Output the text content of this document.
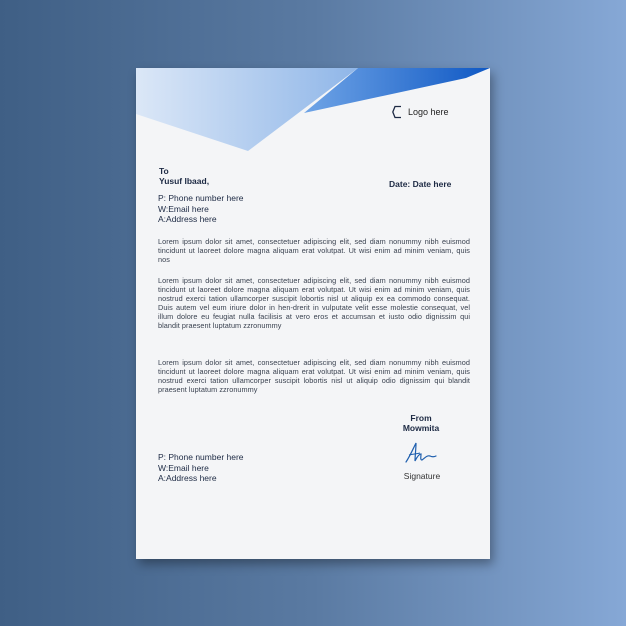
Logo here
To
Yusuf Ibaad,	Date: Date here
P: Phone number here
W:Email here
A:Address here
Lorem ipsum dolor sit amet, consectetuer adipiscing elit, sed diam nonummy nibh euismod tincidunt ut laoreet dolore magna aliquam erat volutpat. Ut wisi enim ad minim veniam, quis nos
Lorem ipsum dolor sit amet, consectetuer adipiscing elit, sed diam nonummy nibh euismod tincidunt ut laoreet dolore magna aliquam erat volutpat. Ut wisi enim ad minim veniam, quis nostrud exerci tation ullamcorper suscipit lobortis nisl ut aliquip ex ea commodo consequat. Duis autem vel eum iriure dolor in hen-drerit in vulputate velit esse molestie consequat, vel illum dolore eu feugiat nulla facilisis at vero eros et accumsan et iusto odio dignissim qui blandit praesent luptatum zzronummy
Lorem ipsum dolor sit amet, consectetuer adipiscing elit, sed diam nonummy nibh euismod tincidunt ut laoreet dolore magna aliquam erat volutpat. Ut wisi enim ad minim veniam, quis nostrud exerci tation ullamcorper suscipit lobortis nisl ut aliquip odio dignissim qui blandit praesent luptatum zzronummy
From
Mowmita
Signature
P: Phone number here
W:Email here
A:Address here
